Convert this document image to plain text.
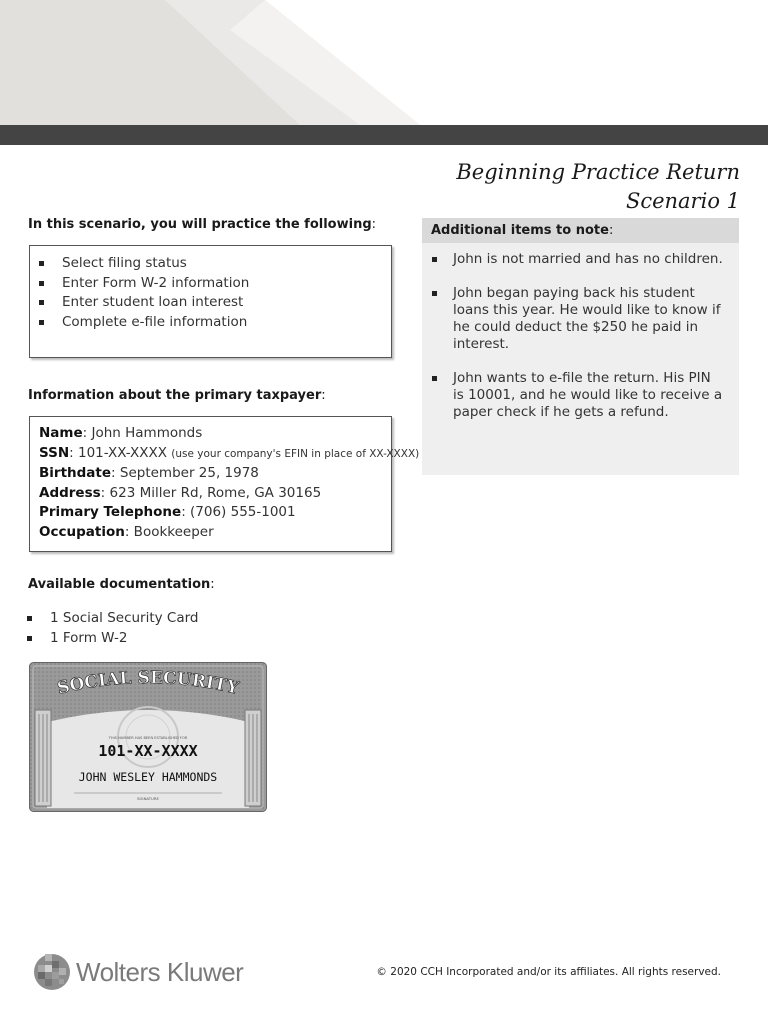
Beginning Practice Return
Scenario 1
In this scenario, you will practice the following:
Select filing status
Enter Form W-2 information
Enter student loan interest
Complete e-file information
Information about the primary taxpayer:
Name: John Hammonds
SSN: 101-XX-XXXX (use your company's EFIN in place of XX-XXXX)
Birthdate: September 25, 1978
Address: 623 Miller Rd, Rome, GA 30165
Primary Telephone: (706) 555-1001
Occupation: Bookkeeper
Available documentation:
1 Social Security Card
1 Form W-2
SOCIAL SECURITY
THIS NUMBER HAS BEEN ESTABLISHED FOR
101-XX-XXXX
JOHN WESLEY HAMMONDS
SIGNATURE
Additional items to note:
John is not married and has no children.
John began paying back his student loans this year. He would like to know if he could deduct the $250 he paid in interest.
John wants to e-file the return. His PIN is 10001, and he would like to receive a paper check if he gets a refund.
Wolters Kluwer	© 2020 CCH Incorporated and/or its affiliates. All rights reserved.
